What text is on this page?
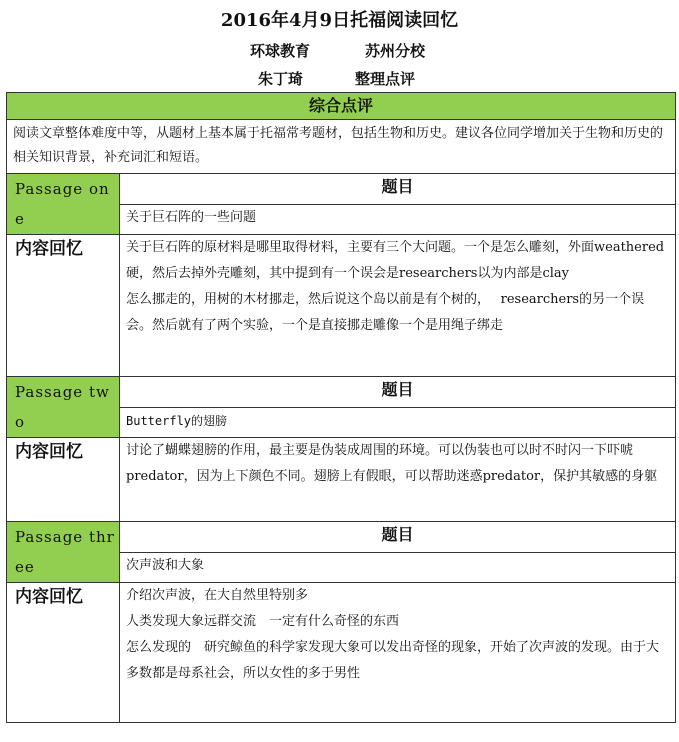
2016年4月9日托福阅读回忆
环球教育	苏州分校
朱丁琦	整理点评
综合点评	
阅读文章整体难度中等，从题材上基本属于托福常考题材，包括生物和历史。建议各位同学增加关于生物和历史的相关知识背景，补充词汇和短语。	
Passage one	题目
	关于巨石阵的一些问题
内容回忆	关于巨石阵的原材料是哪里取得材料，主要有三个大问题。一个是怎么雕刻，外面weathered硬，然后去掉外壳雕刻，其中提到有一个误会是researchers以为内部是clay
怎么挪走的，用树的木材挪走，然后说这个岛以前是有个树的，　 researchers的另一个误会。然后就有了两个实验，一个是直接挪走雕像一个是用绳子绑走

Passage two	题目
	Butterfly的翅膀
内容回忆	讨论了蝴蝶翅膀的作用，最主要是伪装成周围的环境。可以伪装也可以时不时闪一下吓唬predator，因为上下颜色不同。翅膀上有假眼，可以帮助迷惑predator，保护其敏感的身躯

Passage three	题目
	次声波和大象
内容回忆	介绍次声波，在大自然里特别多
人类发现大象远群交流　一定有什么奇怪的东西
怎么发现的　研究鲸鱼的科学家发现大象可以发出奇怪的现象，开始了次声波的发现。由于大多数都是母系社会，所以女性的多于男性
